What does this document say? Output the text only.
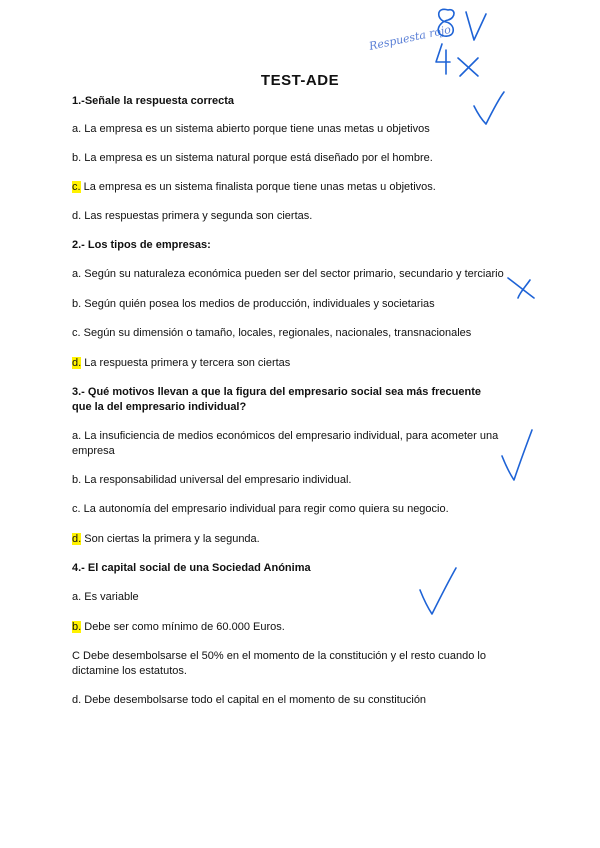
TEST-ADE
1.-Señale la respuesta correcta
a. La empresa es un sistema abierto porque tiene unas metas u objetivos
b. La empresa es un sistema natural porque está diseñado por el hombre.
c. La empresa es un sistema finalista porque tiene unas metas u objetivos.
d. Las respuestas primera y segunda son ciertas.
2.- Los tipos de empresas:
a. Según su naturaleza económica pueden ser del sector primario, secundario y terciario
b. Según quién posea los medios de producción, individuales y societarias
c. Según su dimensión o tamaño, locales, regionales, nacionales, transnacionales
d. La respuesta primera y tercera son ciertas
3.- Qué motivos llevan a que la figura del empresario social sea más frecuente que la del empresario individual?
a. La insuficiencia de medios económicos del empresario individual, para acometer una empresa
b. La responsabilidad universal del empresario individual.
c. La autonomía del empresario individual para regir como quiera su negocio.
d. Son ciertas la primera y la segunda.
4.- El capital social de una Sociedad Anónima
a. Es variable
b. Debe ser como mínimo de 60.000 Euros.
C Debe desembolsarse el 50% en el momento de la constitución y el resto cuando lo dictamine los estatutos.
d. Debe desembolsarse todo el capital en el momento de su constitución
Respuesta rojo
